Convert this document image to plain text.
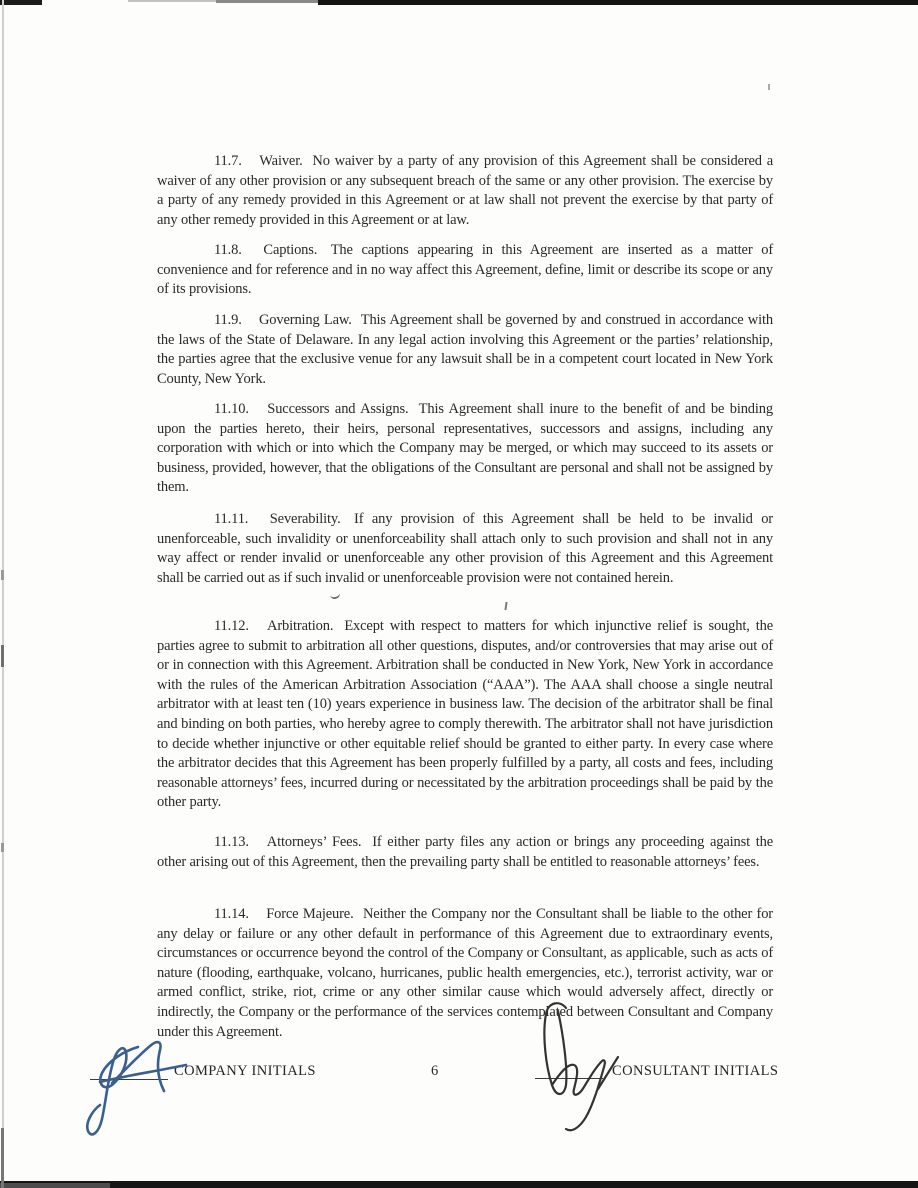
11.7. Waiver. No waiver by a party of any provision of this Agreement shall be considered a waiver of any other provision or any subsequent breach of the same or any other provision. The exercise by a party of any remedy provided in this Agreement or at law shall not prevent the exercise by that party of any other remedy provided in this Agreement or at law.

11.8. Captions. The captions appearing in this Agreement are inserted as a matter of convenience and for reference and in no way affect this Agreement, define, limit or describe its scope or any of its provisions.

11.9. Governing Law. This Agreement shall be governed by and construed in accordance with the laws of the State of Delaware. In any legal action involving this Agreement or the parties’ relationship, the parties agree that the exclusive venue for any lawsuit shall be in a competent court located in New York County, New York.

11.10. Successors and Assigns. This Agreement shall inure to the benefit of and be binding upon the parties hereto, their heirs, personal representatives, successors and assigns, including any corporation with which or into which the Company may be merged, or which may succeed to its assets or business, provided, however, that the obligations of the Consultant are personal and shall not be assigned by them.

11.11. Severability. If any provision of this Agreement shall be held to be invalid or unenforceable, such invalidity or unenforceability shall attach only to such provision and shall not in any way affect or render invalid or unenforceable any other provision of this Agreement and this Agreement shall be carried out as if such invalid or unenforceable provision were not contained herein.

11.12. Arbitration. Except with respect to matters for which injunctive relief is sought, the parties agree to submit to arbitration all other questions, disputes, and/or controversies that may arise out of or in connection with this Agreement. Arbitration shall be conducted in New York, New York in accordance with the rules of the American Arbitration Association (“AAA”). The AAA shall choose a single neutral arbitrator with at least ten (10) years experience in business law. The decision of the arbitrator shall be final and binding on both parties, who hereby agree to comply therewith. The arbitrator shall not have jurisdiction to decide whether injunctive or other equitable relief should be granted to either party. In every case where the arbitrator decides that this Agreement has been properly fulfilled by a party, all costs and fees, including reasonable attorneys’ fees, incurred during or necessitated by the arbitration proceedings shall be paid by the other party.

11.13. Attorneys’ Fees. If either party files any action or brings any proceeding against the other arising out of this Agreement, then the prevailing party shall be entitled to reasonable attorneys’ fees.

11.14. Force Majeure. Neither the Company nor the Consultant shall be liable to the other for any delay or failure or any other default in performance of this Agreement due to extraordinary events, circumstances or occurrence beyond the control of the Company or Consultant, as applicable, such as acts of nature (flooding, earthquake, volcano, hurricanes, public health emergencies, etc.), terrorist activity, war or armed conflict, strike, riot, crime or any other similar cause which would adversely affect, directly or indirectly, the Company or the performance of the services contemplated between Consultant and Company under this Agreement.

COMPANY INITIALS	6	CONSULTANT INITIALS
